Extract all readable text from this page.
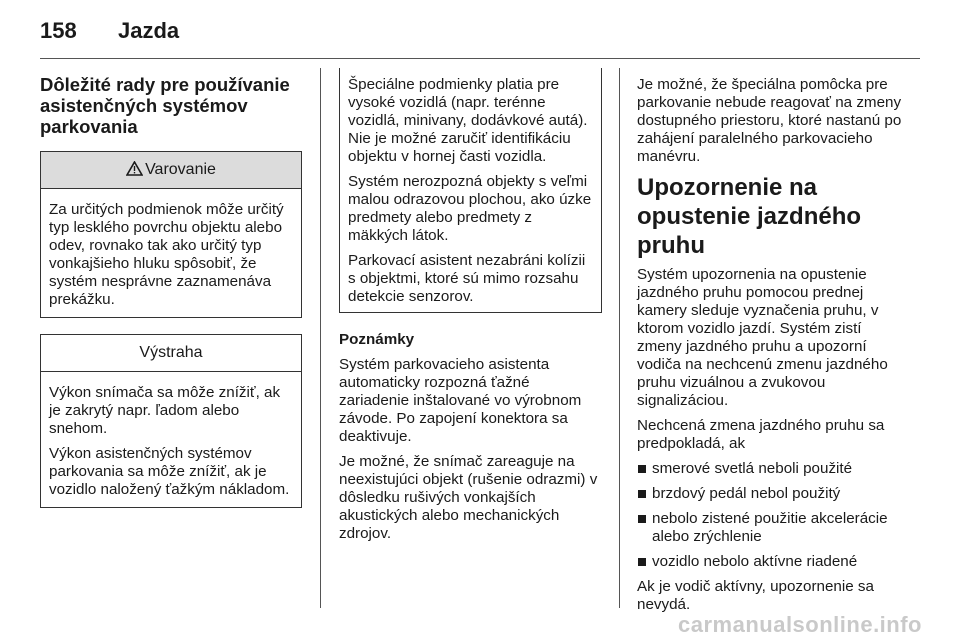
158 Jazda
Dôležité rady pre používanie asistenčných systémov parkovania
Varovanie

Za určitých podmienok môže určitý typ lesklého povrchu objektu alebo odev, rovnako tak ako určitý typ vonkajšieho hluku spôsobiť, že systém nesprávne zaznamenáva prekážku.

Výstraha

Výkon snímača sa môže znížiť, ak je zakrytý napr. ľadom alebo snehom.

Výkon asistenčných systémov parkovania sa môže znížiť, ak je vozidlo naložený ťažkým nákladom.

Špeciálne podmienky platia pre vysoké vozidlá (napr. terénne vozidlá, minivany, dodávkové autá). Nie je možné zaručiť identifikáciu objektu v hornej časti vozidla.

Systém nerozpozná objekty s veľmi malou odrazovou plochou, ako úzke predmety alebo predmety z mäkkých látok.

Parkovací asistent nezabráni kolízii s objektmi, ktoré sú mimo rozsahu detekcie senzorov.

Poznámky

Systém parkovacieho asistenta automaticky rozpozná ťažné zariadenie inštalované vo výrobnom závode. Po zapojení konektora sa deaktivuje.

Je možné, že snímač zareaguje na neexistujúci objekt (rušenie odrazmi) v dôsledku rušivých vonkajších akustických alebo mechanických zdrojov.

Je možné, že špeciálna pomôcka pre parkovanie nebude reagovať na zmeny dostupného priestoru, ktoré nastanú po zahájení paralelného parkovacieho manévru.

Upozornenie na opustenie jazdného pruhu

Systém upozornenia na opustenie jazdného pruhu pomocou prednej kamery sleduje vyznačenia pruhu, v ktorom vozidlo jazdí. Systém zistí zmeny jazdného pruhu a upozorní vodiča na nechcenú zmenu jazdného pruhu vizuálnou a zvukovou signalizáciou.

Nechcená zmena jazdného pruhu sa predpokladá, ak

smerové svetlá neboli použité
brzdový pedál nebol použitý
nebolo zistené použitie akcelerácie alebo zrýchlenie
vozidlo nebolo aktívne riadené

Ak je vodič aktívny, upozornenie sa nevydá.

carmanualsonline.info
